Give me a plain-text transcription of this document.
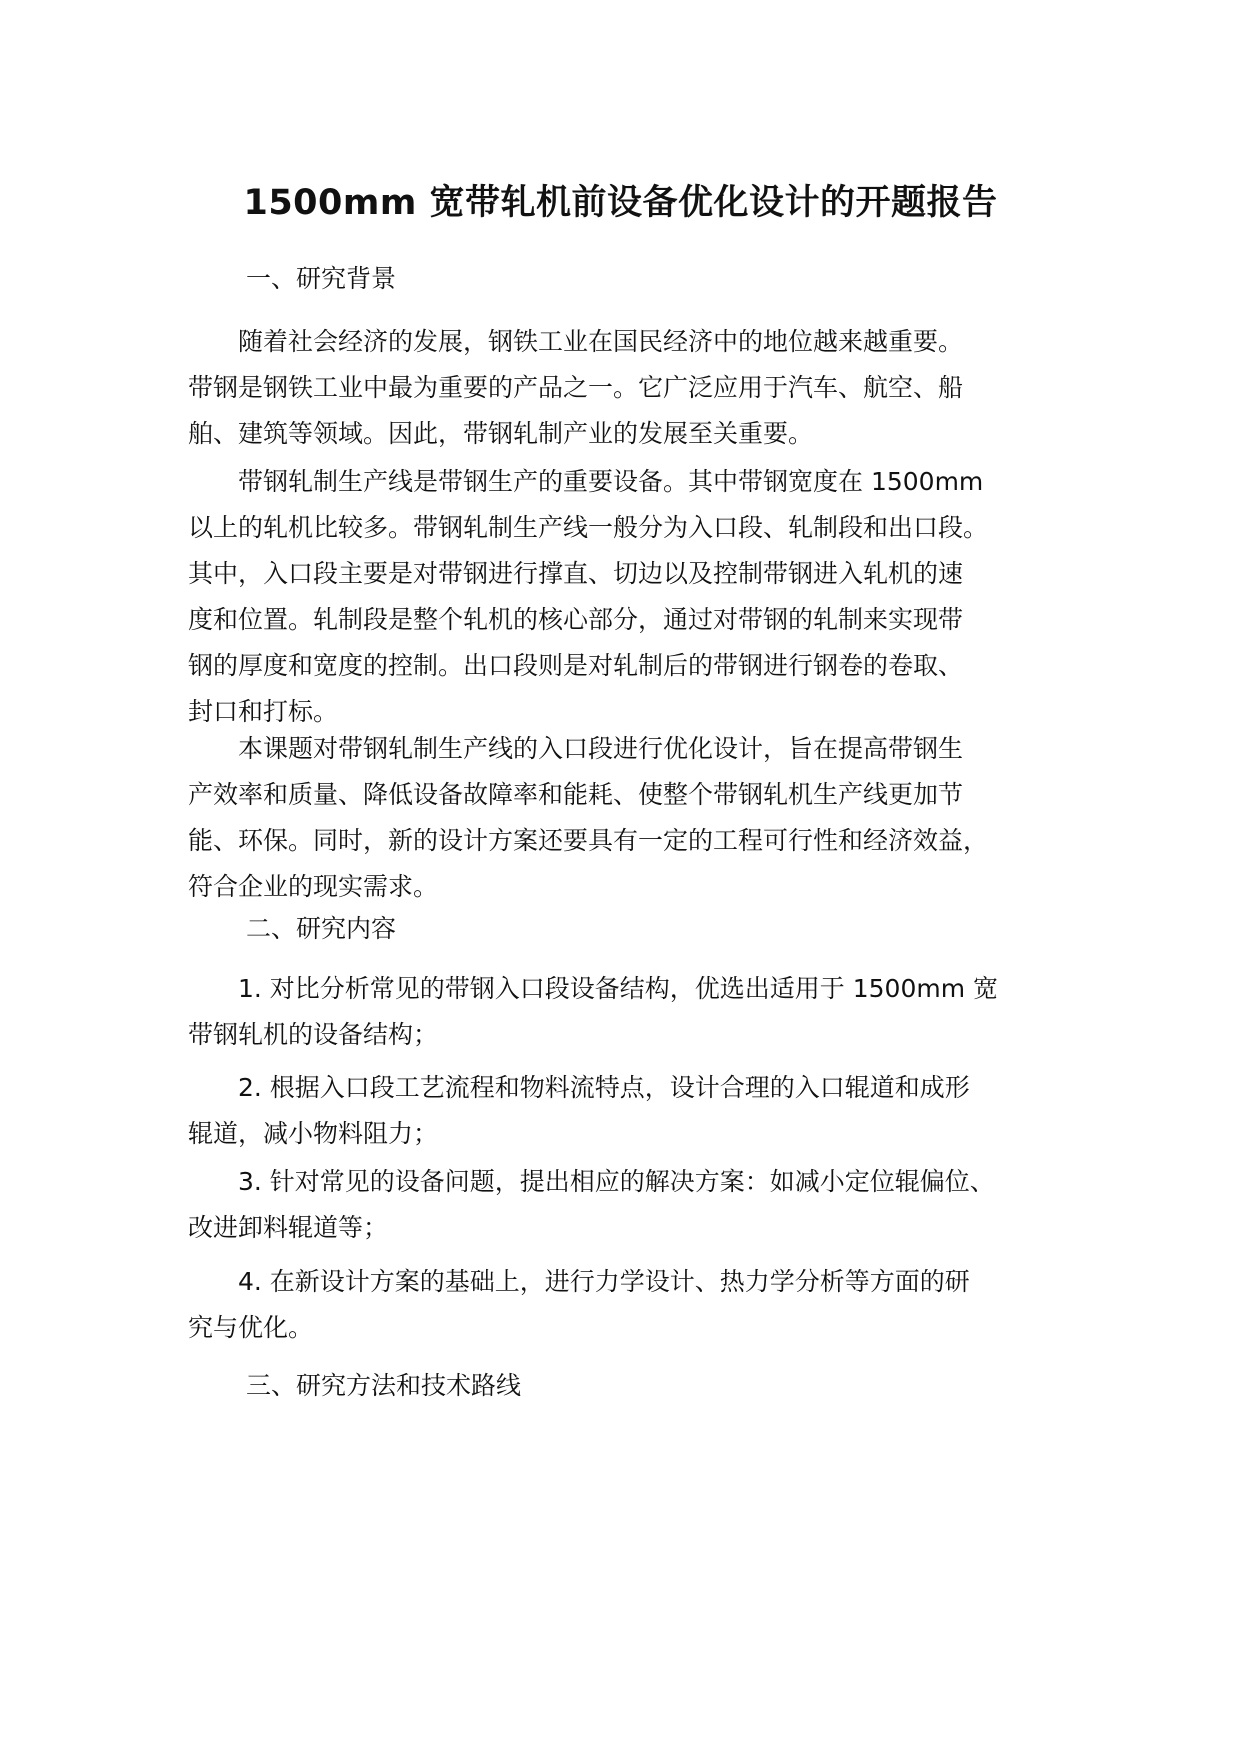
1500mm 宽带轧机前设备优化设计的开题报告
一、研究背景
　　随着社会经济的发展，钢铁工业在国民经济中的地位越来越重要。
带钢是钢铁工业中最为重要的产品之一。它广泛应用于汽车、航空、船
舶、建筑等领域。因此，带钢轧制产业的发展至关重要。
　　带钢轧制生产线是带钢生产的重要设备。其中带钢宽度在 1500mm
以上的轧机比较多。带钢轧制生产线一般分为入口段、轧制段和出口段。
其中，入口段主要是对带钢进行撑直、切边以及控制带钢进入轧机的速
度和位置。轧制段是整个轧机的核心部分，通过对带钢的轧制来实现带
钢的厚度和宽度的控制。出口段则是对轧制后的带钢进行钢卷的卷取、
封口和打标。
　　本课题对带钢轧制生产线的入口段进行优化设计，旨在提高带钢生
产效率和质量、降低设备故障率和能耗、使整个带钢轧机生产线更加节
能、环保。同时，新的设计方案还要具有一定的工程可行性和经济效益，
符合企业的现实需求。
二、研究内容
　　1. 对比分析常见的带钢入口段设备结构，优选出适用于 1500mm 宽
带钢轧机的设备结构；
　　2. 根据入口段工艺流程和物料流特点，设计合理的入口辊道和成形
辊道，减小物料阻力；
　　3. 针对常见的设备问题，提出相应的解决方案：如减小定位辊偏位、
改进卸料辊道等；
　　4. 在新设计方案的基础上，进行力学设计、热力学分析等方面的研
究与优化。
三、研究方法和技术路线
